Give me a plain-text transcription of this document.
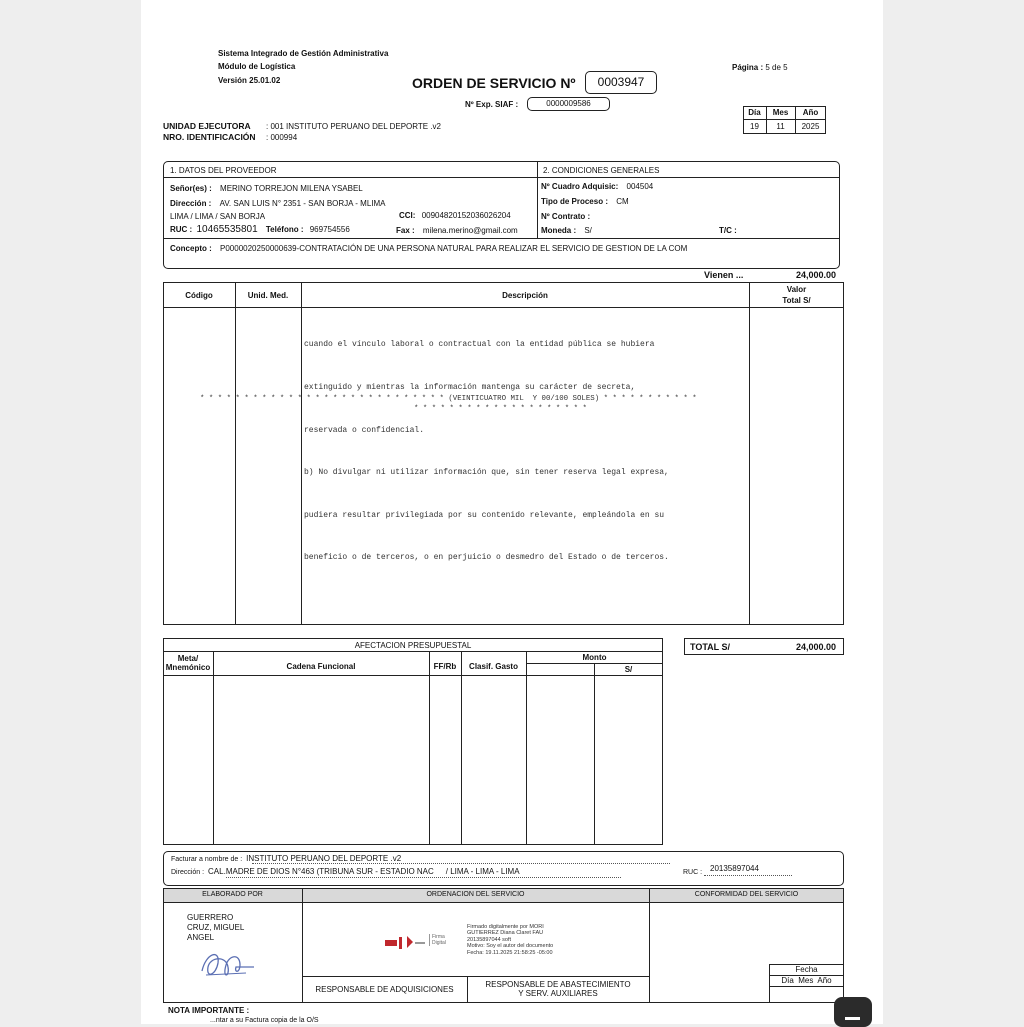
Sistema Integrado de Gestión Administrativa
Módulo de Logística
Versión 25.01.02	ORDEN DE SERVICIO Nº	0003947
Página : 5 de 5
Nº Exp. SIAF :	0000009586
Día	Mes	Año
19	11	2025
UNIDAD EJECUTORA : 001 INSTITUTO PERUANO DEL DEPORTE .v2
NRO. IDENTIFICACIÓN : 000994
1. DATOS DEL PROVEEDOR	2. CONDICIONES GENERALES
Señor(es) : MERINO TORREJON MILENA YSABEL
Dirección : AV. SAN LUIS N° 2351 - SAN BORJA - MLIMA
LIMA / LIMA / SAN BORJA	CCI: 00904820152036026204
RUC : 10465535801 Teléfono : 969754556	Fax : milena.merino@gmail.com
Nº Cuadro Adquisic: 004504
Tipo de Proceso : CM
Nº Contrato :
Moneda : S/	T/C :
Concepto : P0000020250000639-CONTRATACIÓN DE UNA PERSONA NATURAL PARA REALIZAR EL SERVICIO DE GESTION DE LA COM
Vienen ...	24,000.00
Código	Unid. Med.	Descripción
Valor
Total S/

cuando el vínculo laboral o contractual con la entidad pública se hubiera

extinguido y mientras la información mantenga su carácter de secreta,

reservada o confidencial.

b) No divulgar ni utilizar información que, sin tener reserva legal expresa,

pudiera resultar privilegiada por su contenido relevante, empleándola en su

beneficio o de terceros, o en perjuicio o desmedro del Estado o de terceros.

* * * * * * * * * * * * * * * * * * * * * * * * * * * * (VEINTICUATRO MIL  Y 00/100 SOLES) * * * * * * * * * * *
* * * * * * * * * * * * * * * * * * * *
AFECTACION PRESUPUESTAL
Meta/
Mnemónico	Cadena Funcional	FF/Rb	Clasif. Gasto
Monto
S/
TOTAL S/	24,000.00
Facturar a nombre de : INSTITUTO PERUANO DEL DEPORTE .v2
Dirección : CAL.MADRE DE DIOS N°463 (TRIBUNA SUR - ESTADIO NAC / LIMA - LIMA - LIMA	RUC : 20135897044
ELABORADO POR	ORDENACION DEL SERVICIO	CONFORMIDAD DEL SERVICIO
GUERRERO
CRUZ, MIGUEL
ANGEL	Firma Digital
Firmado digitalmente por MORI
GUTIERREZ Diana Claret FAU
20135897044 soft
Motivo: Soy el autor del documento
Fecha: 19.11.2025 21:58:25 -05:00
RESPONSABLE DE ADQUISICIONES
RESPONSABLE DE ABASTECIMIENTO
Y SERV. AUXILIARES
Fecha
Día  Mes  Año
NOTA IMPORTANTE :
...ntar a su Factura copia de la O/S
